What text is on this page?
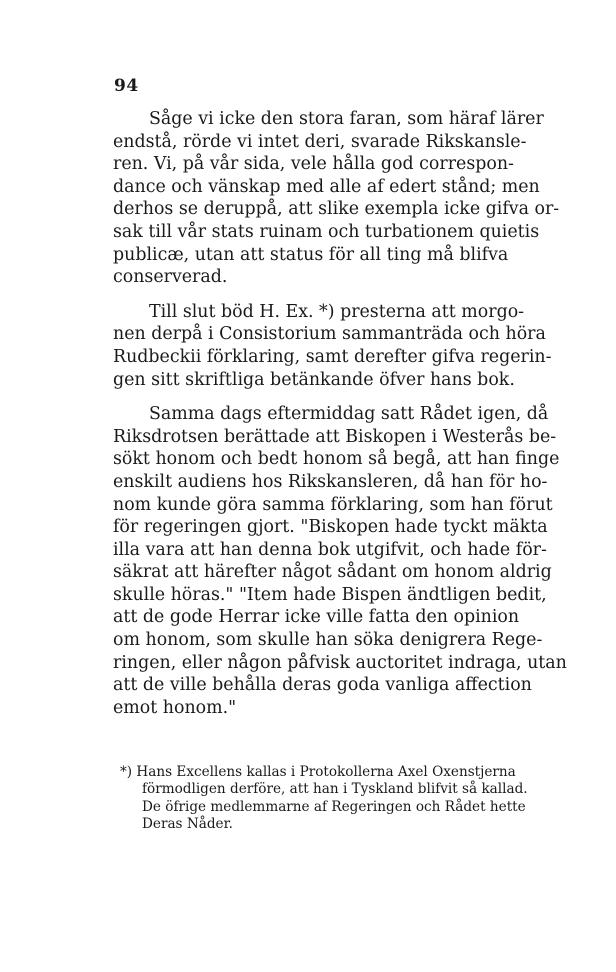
94

Såge vi icke den stora faran, som häraf lärer
endstå, rörde vi intet deri, svarade Rikskansle-
ren. Vi, på vår sida, vele hålla god correspon-
dance och vänskap med alle af edert stånd; men
derhos se deruppå, att slike exempla icke gifva or-
sak till vår stats ruinam och turbationem quietis
publicæ, utan att status för all ting må blifva
conserverad.

Till slut böd H. Ex. *) presterna att morgo-
nen derpå i Consistorium sammanträda och höra
Rudbeckii förklaring, samt derefter gifva regerin-
gen sitt skriftliga betänkande öfver hans bok.

Samma dags eftermiddag satt Rådet igen, då
Riksdrotsen berättade att Biskopen i Westerås be-
sökt honom och bedt honom så begå, att han finge
enskilt audiens hos Rikskansleren, då han för ho-
nom kunde göra samma förklaring, som han förut
för regeringen gjort. "Biskopen hade tyckt mäkta
illa vara att han denna bok utgifvit, och hade för-
säkrat att härefter något sådant om honom aldrig
skulle höras." "Item hade Bispen ändtligen bedit,
att de gode Herrar icke ville fatta den opinion
om honom, som skulle han söka denigrera Rege-
ringen, eller någon påfvisk auctoritet indraga, utan
att de ville behålla deras goda vanliga affection
emot honom."

*) Hans Excellens kallas i Protokollerna Axel Oxenstjerna
förmodligen derföre, att han i Tyskland blifvit så kallad.
De öfrige medlemmarne af Regeringen och Rådet hette
Deras Nåder.
